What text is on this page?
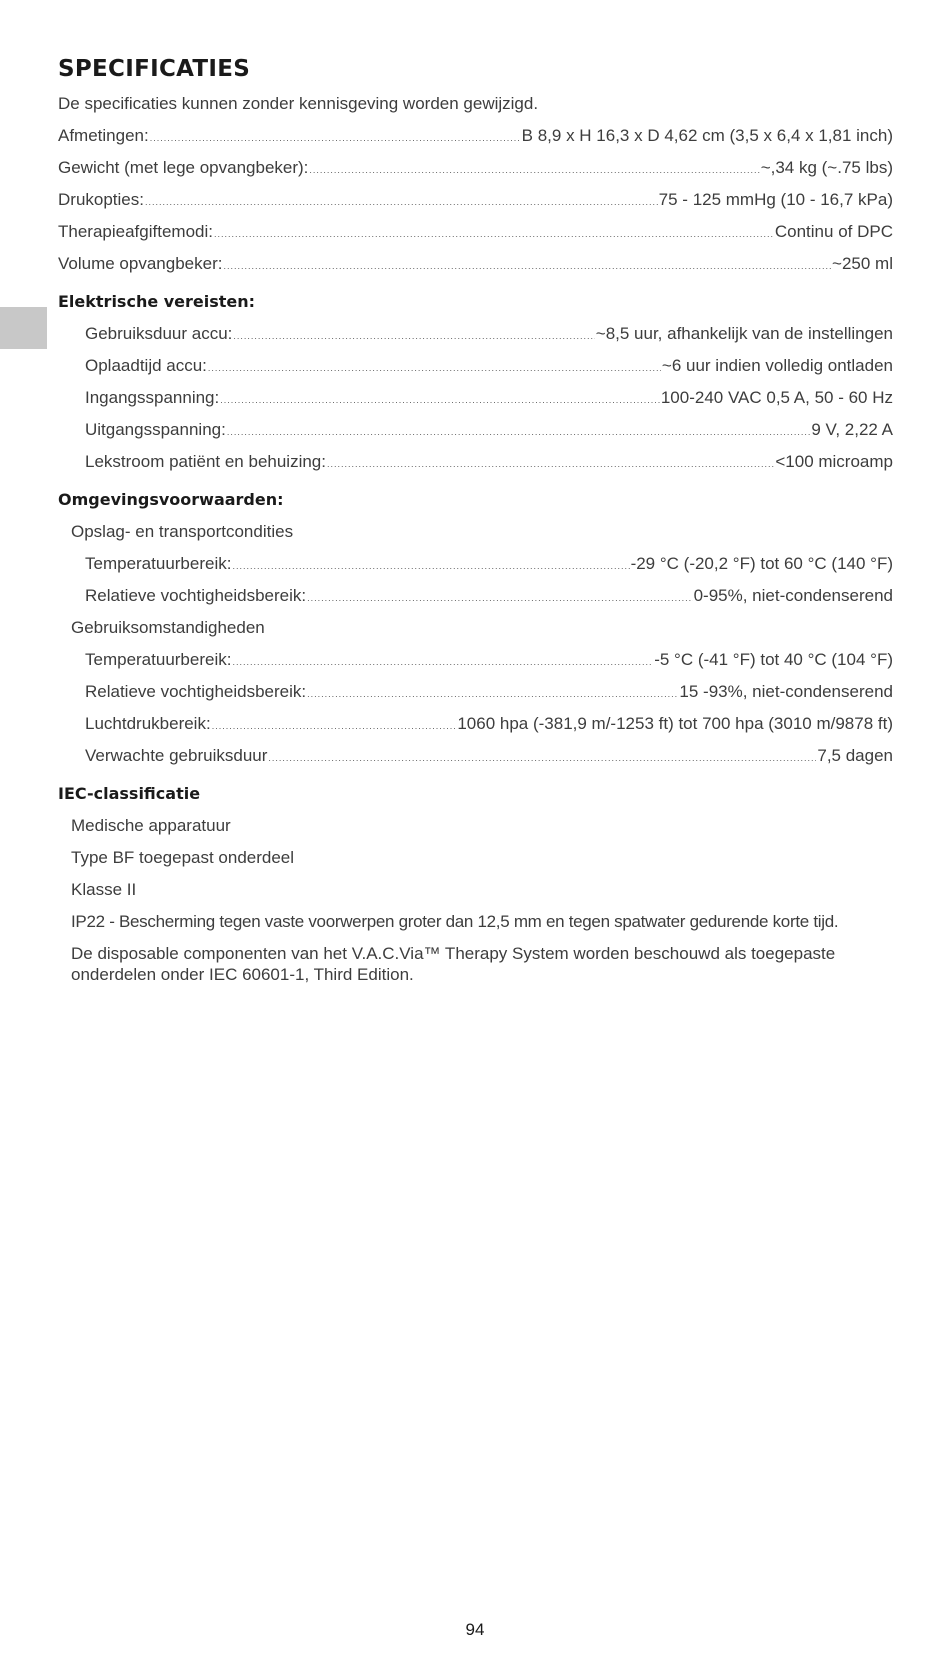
SPECIFICATIES
De specificaties kunnen zonder kennisgeving worden gewijzigd.
Afmetingen: .....	B 8,9 x H 16,3 x D 4,62 cm (3,5 x 6,4 x 1,81 inch)
Gewicht (met lege opvangbeker): .....	~,34 kg (~.75 lbs)
Drukopties: .....	75 - 125 mmHg (10 - 16,7 kPa)
Therapieafgiftemodi: .....	Continu of DPC
Volume opvangbeker: .....	~250 ml
Elektrische vereisten:
Gebruiksduur accu: .....	~8,5 uur, afhankelijk van de instellingen
Oplaadtijd accu: .....	~6 uur indien volledig ontladen
Ingangsspanning: .....	100-240 VAC 0,5 A, 50 - 60 Hz
Uitgangsspanning: .....	9 V, 2,22 A
Lekstroom patiënt en behuizing: .....	<100 microamp
Omgevingsvoorwaarden:
Opslag- en transportcondities
Temperatuurbereik: .....	-29 °C (-20,2 °F) tot 60 °C (140 °F)
Relatieve vochtigheidsbereik: .....	0-95%, niet-condenserend
Gebruiksomstandigheden
Temperatuurbereik: .....	-5 °C (-41 °F) tot 40 °C (104 °F)
Relatieve vochtigheidsbereik: .....	15 -93%, niet-condenserend
Luchtdrukbereik: .....	1060 hpa (-381,9 m/-1253 ft) tot 700 hpa (3010 m/9878 ft)
Verwachte gebruiksduur .....	7,5 dagen
IEC-classificatie
Medische apparatuur
Type BF toegepast onderdeel
Klasse II
IP22 - Bescherming tegen vaste voorwerpen groter dan 12,5 mm en tegen spatwater gedurende korte tijd.
De disposable componenten van het V.A.C.Via™ Therapy System worden beschouwd als toegepaste onderdelen onder IEC 60601-1, Third Edition.
94
